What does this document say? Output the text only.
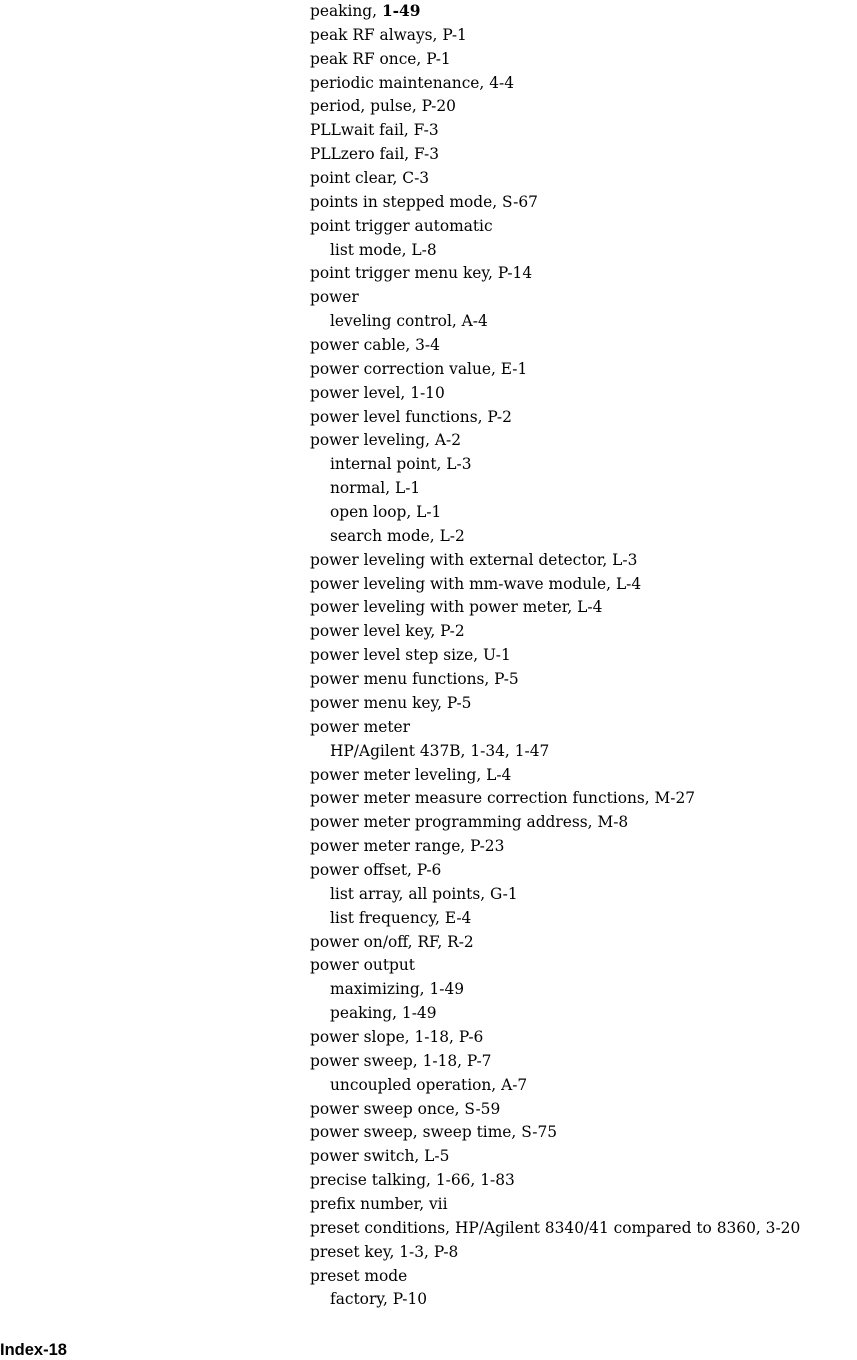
peaking, 1-49
peak RF always, P-1
peak RF once, P-1
periodic maintenance, 4-4
period, pulse, P-20
PLLwait fail, F-3
PLLzero fail, F-3
point clear, C-3
points in stepped mode, S-67
point trigger automatic
list mode, L-8
point trigger menu key, P-14
power
leveling control, A-4
power cable, 3-4
power correction value, E-1
power level, 1-10
power level functions, P-2
power leveling, A-2
internal point, L-3
normal, L-1
open loop, L-1
search mode, L-2
power leveling with external detector, L-3
power leveling with mm-wave module, L-4
power leveling with power meter, L-4
power level key, P-2
power level step size, U-1
power menu functions, P-5
power menu key, P-5
power meter
HP/Agilent 437B, 1-34, 1-47
power meter leveling, L-4
power meter measure correction functions, M-27
power meter programming address, M-8
power meter range, P-23
power offset, P-6
list array, all points, G-1
list frequency, E-4
power on/off, RF, R-2
power output
maximizing, 1-49
peaking, 1-49
power slope, 1-18, P-6
power sweep, 1-18, P-7
uncoupled operation, A-7
power sweep once, S-59
power sweep, sweep time, S-75
power switch, L-5
precise talking, 1-66, 1-83
prefix number, vii
preset conditions, HP/Agilent 8340/41 compared to 8360, 3-20
preset key, 1-3, P-8
preset mode
factory, P-10
Index-18
